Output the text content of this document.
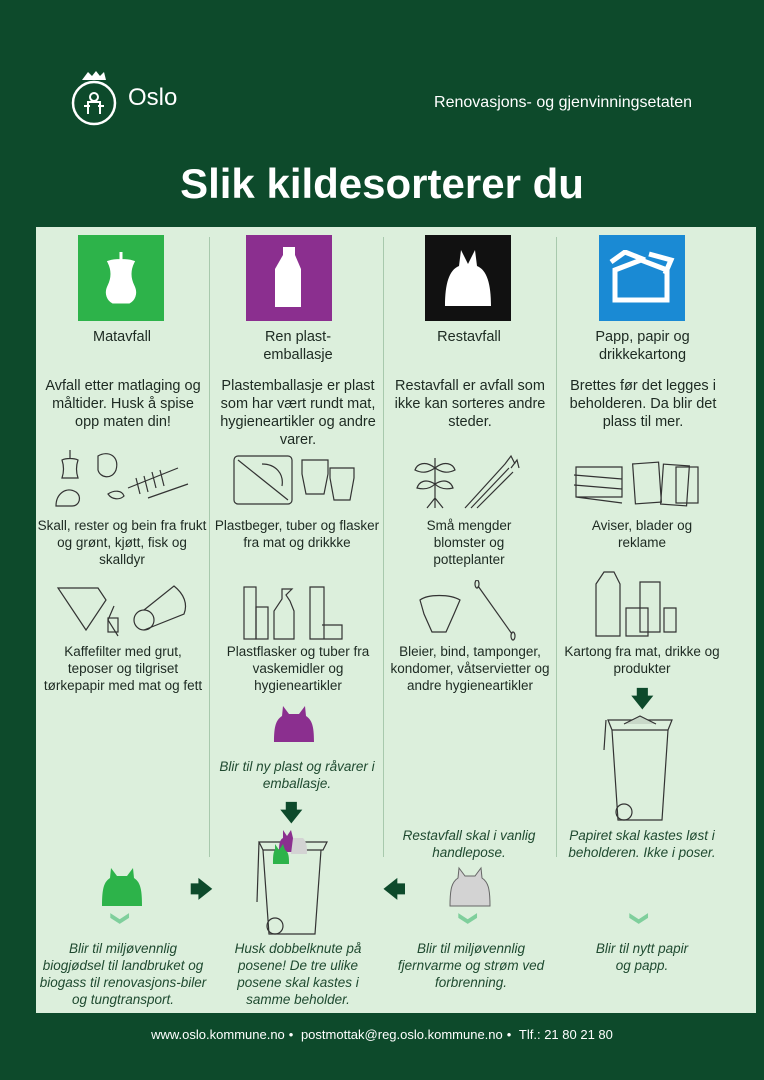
Oslo	Renovasjons- og gjenvinningsetaten
Slik kildesorterer du
Matavfall	Ren plast-emballasje
Restavfall	Papp, papir og drikkekartong
Avfall etter matlaging og måltider. Husk å spise opp maten din!
Plastemballasje er plast som har vært rundt mat, hygieneartikler og andre varer.
Restavfall er avfall som ikke kan sorteres andre steder.
Brettes før det legges i beholderen. Da blir det plass til mer.
Skall, rester og bein fra frukt og grønt, kjøtt, fisk og skalldyr
Plastbeger, tuber og flasker fra mat og drikkke
Små mengder blomster og potteplanter
Aviser, blader og reklame
Kaffefilter med grut, teposer og tilgriset tørkepapir med mat og fett
Plastflasker og tuber fra vaskemidler og hygieneartikler
Bleier, bind, tamponger, kondomer, våtservietter og andre hygieneartikler
Kartong fra mat, drikke og produkter
🡇
Papiret skal kastes løst i beholderen. Ikke i poser.
Blir til ny plast og råvarer i emballasje.
🡇
Restavfall skal i vanlig handlepose.
🡄
🡆
❯	❯	❯
Blir til miljøvennlig biogjødsel til landbruket og biogass til renovasjons-biler og tungtransport.
Husk dobbelknute på posene! De tre ulike posene skal kastes i samme beholder.
Blir til miljøvennlig fjernvarme og strøm ved forbrenning.
Blir til nytt papir og papp.
www.oslo.kommune.no • postmottak@reg.oslo.kommune.no • Tlf.: 21 80 21 80
